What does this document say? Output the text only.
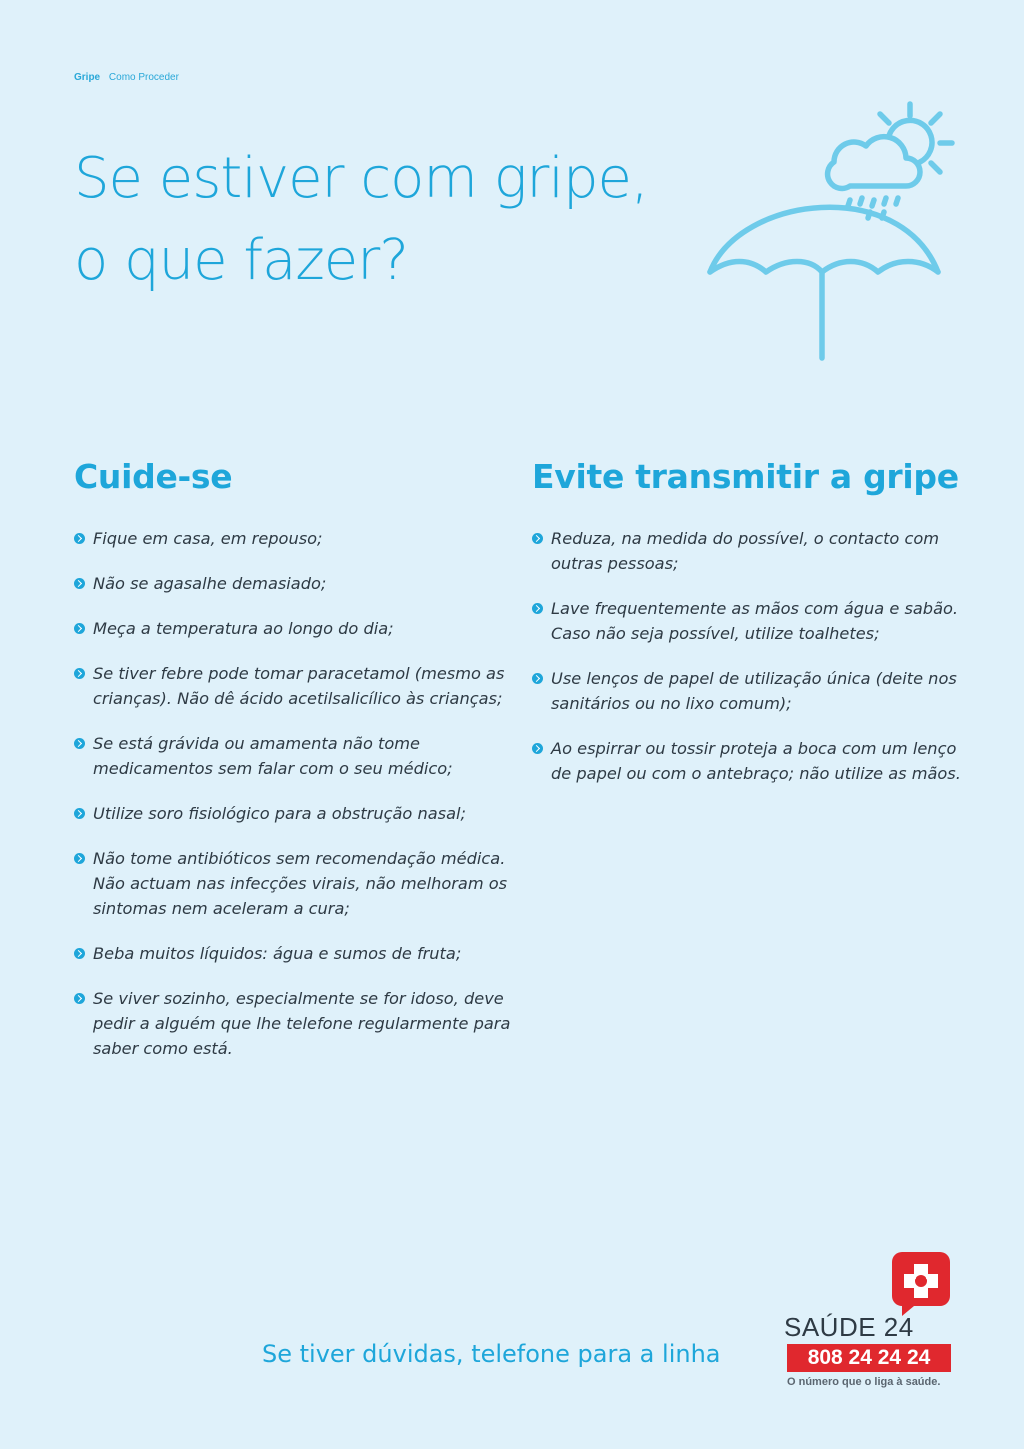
Gripe Como Proceder
Se estiver com gripe,
o que fazer?
Cuide-se
Fique em casa, em repouso;
Não se agasalhe demasiado;
Meça a temperatura ao longo do dia;
Se tiver febre pode tomar paracetamol (mesmo as crianças). Não dê ácido acetilsalicílico às crianças;
Se está grávida ou amamenta não tome medicamentos sem falar com o seu médico;
Utilize soro fisiológico para a obstrução nasal;
Não tome antibióticos sem recomendação médica. Não actuam nas infecções virais, não melhoram os sintomas nem aceleram a cura;
Beba muitos líquidos: água e sumos de fruta;
Se viver sozinho, especialmente se for idoso, deve pedir a alguém que lhe telefone regularmente para saber como está.
Evite transmitir a gripe
Reduza, na medida do possível, o contacto com outras pessoas;
Lave frequentemente as mãos com água e sabão. Caso não seja possível, utilize toalhetes;
Use lenços de papel de utilização única (deite nos sanitários ou no lixo comum);
Ao espirrar ou tossir proteja a boca com um lenço de papel ou com o antebraço; não utilize as mãos.
Se tiver dúvidas, telefone para a linha
SAÚDE 24
808 24 24 24
O número que o liga à saúde.
